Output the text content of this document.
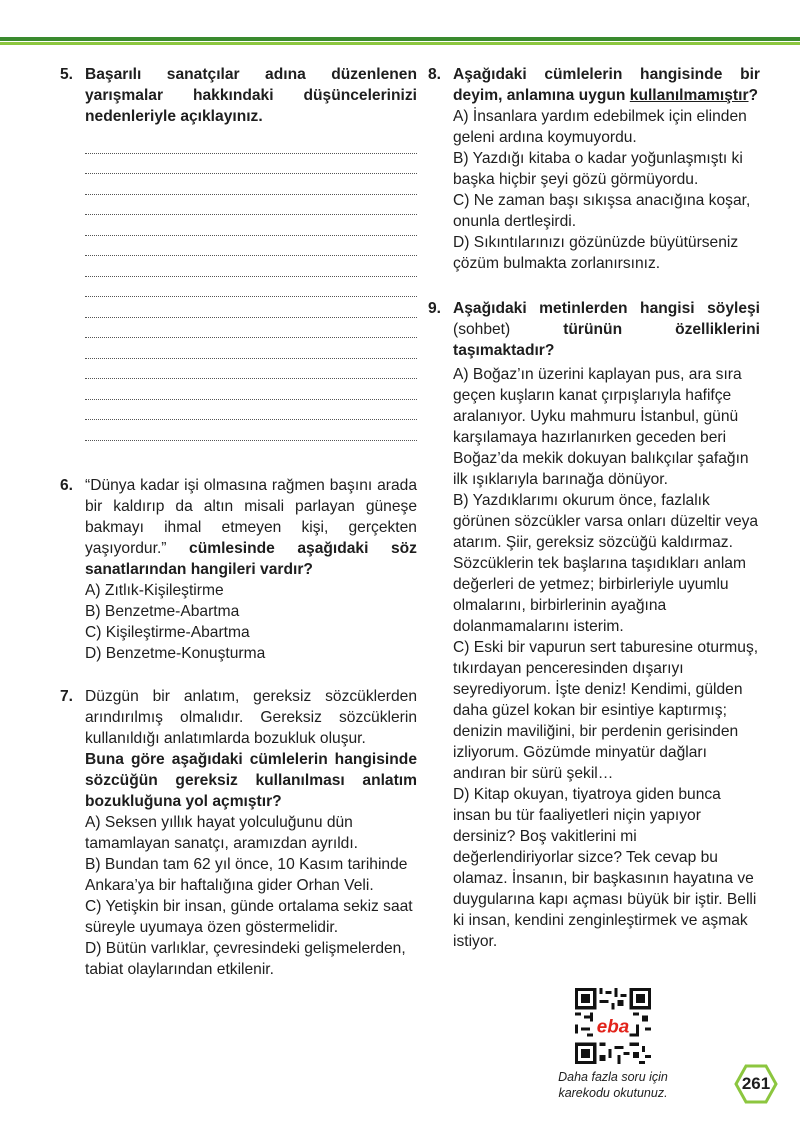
5. Başarılı sanatçılar adına düzenlenen yarışmalar hakkındaki düşüncelerinizi nedenleriyle açıklayınız.
6. “Dünya kadar işi olmasına rağmen başını arada bir kaldırıp da altın misali parlayan güneşe bakmayı ihmal etmeyen kişi, gerçekten yaşıyordur.” cümlesinde aşağıdaki söz sanatlarından hangileri vardır?
A) Zıtlık-Kişileştirme
B) Benzetme-Abartma
C) Kişileştirme-Abartma
D) Benzetme-Konuşturma
7. Düzgün bir anlatım, gereksiz sözcüklerden arındırılmış olmalıdır. Gereksiz sözcüklerin kullanıldığı anlatımlarda bozukluk oluşur.
Buna göre aşağıdaki cümlelerin hangisinde sözcüğün gereksiz kullanılması anlatım bozukluğuna yol açmıştır?
A) Seksen yıllık hayat yolculuğunu dün tamamlayan sanatçı, aramızdan ayrıldı.
B) Bundan tam 62 yıl önce, 10 Kasım tarihinde Ankara’ya bir haftalığına gider Orhan Veli.
C) Yetişkin bir insan, günde ortalama sekiz saat süreyle uyumaya özen göstermelidir.
D) Bütün varlıklar, çevresindeki gelişmelerden, tabiat olaylarından etkilenir.
8. Aşağıdaki cümlelerin hangisinde bir deyim, anlamına uygun kullanılmamıştır?
A) İnsanlara yardım edebilmek için elinden geleni ardına koymuyordu.
B) Yazdığı kitaba o kadar yoğunlaşmıştı ki başka hiçbir şeyi gözü görmüyordu.
C) Ne zaman başı sıkışsa anacığına koşar, onunla dertleşirdi.
D) Sıkıntılarınızı gözünüzde büyütürseniz çözüm bulmakta zorlanırsınız.
9. Aşağıdaki metinlerden hangisi söyleşi (sohbet)	türünün özelliklerini taşımaktadır?
A) Boğaz’ın üzerini kaplayan pus, ara sıra geçen kuşların kanat çırpışlarıyla hafifçe aralanıyor. Uyku mahmuru İstanbul, günü karşılamaya hazırlanırken geceden beri Boğaz’da mekik dokuyan balıkçılar şafağın ilk ışıklarıyla barınağa dönüyor.
B) Yazdıklarımı okurum önce, fazlalık görünen sözcükler varsa onları düzeltir veya atarım. Şiir, gereksiz sözcüğü kaldırmaz. Sözcüklerin tek başlarına taşıdıkları anlam değerleri de yetmez; birbirleriyle uyumlu olmalarını, birbirlerinin ayağına dolanmamalarını isterim.
C) Eski bir vapurun sert taburesine oturmuş, tıkırdayan penceresinden dışarıyı seyrediyorum. İşte deniz! Kendimi, gülden daha güzel kokan bir esintiye kaptırmış; denizin maviliğini, bir perdenin gerisinden izliyorum. Gözümde minyatür dağları andıran bir sürü şekil…
D) Kitap okuyan, tiyatroya giden bunca insan bu tür faaliyetleri niçin yapıyor dersiniz? Boş vakitlerini mi değerlendiriyorlar sizce? Tek cevap bu olamaz. İnsanın, bir başkasının hayatına ve duygularına kapı açması büyük bir iştir. Belli ki insan, kendini zenginleştirmek ve aşmak istiyor.
eba
Daha fazla soru için
karekodu okutunuz.	261
